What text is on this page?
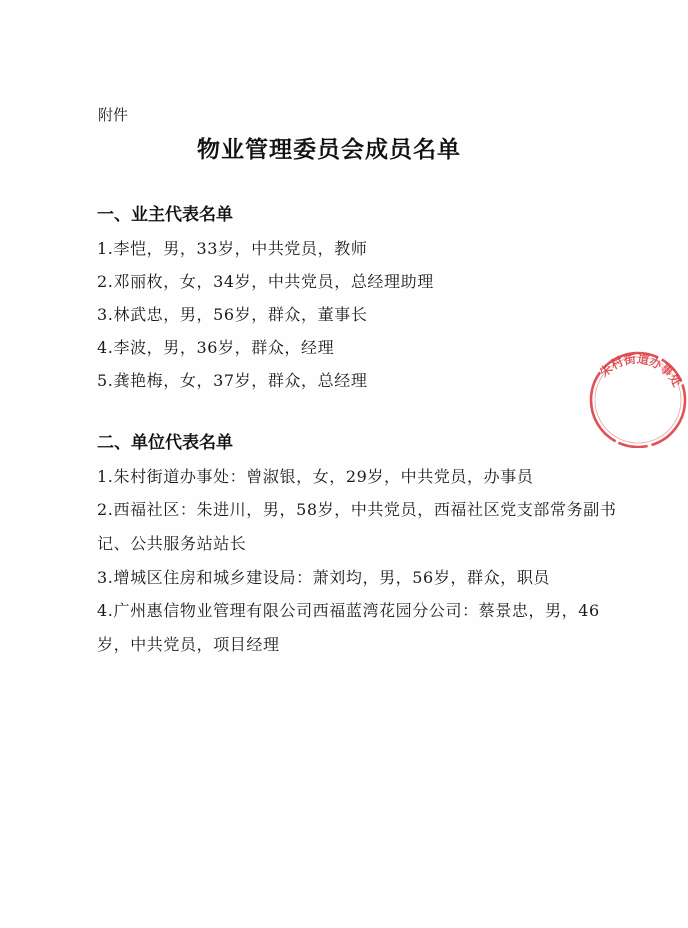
附件
物业管理委员会成员名单
一、业主代表名单
1.李恺，男，33岁，中共党员，教师
2.邓丽枚，女，34岁，中共党员，总经理助理
3.林武忠，男，56岁，群众，董事长
4.李波，男，36岁，群众，经理
5.龚艳梅，女，37岁，群众，总经理
二、单位代表名单
1.朱村街道办事处：曾淑银，女，29岁，中共党员，办事员
2.西福社区：朱进川，男，58岁，中共党员，西福社区党支部常务副书记、公共服务站站长
3.增城区住房和城乡建设局：萧刘均，男，56岁，群众，职员
4.广州惠信物业管理有限公司西福蓝湾花园分公司：蔡景忠，男，46岁，中共党员，项目经理
朱村街道办事处
